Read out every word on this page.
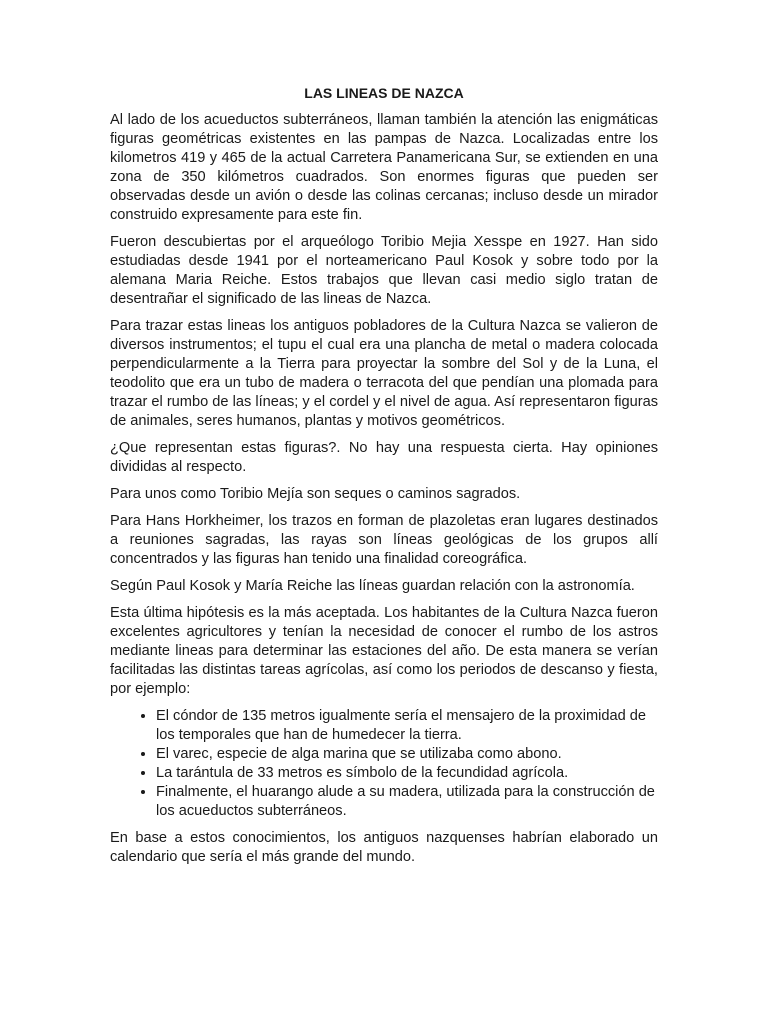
LAS LINEAS DE NAZCA

Al lado de los acueductos subterráneos, llaman también la atención las enigmáticas figuras geométricas existentes en las pampas de Nazca. Localizadas entre los kilometros 419 y 465 de la actual Carretera Panamericana Sur, se extienden en una zona de 350 kilómetros cuadrados. Son enormes figuras que pueden ser observadas desde un avión o desde las colinas cercanas; incluso desde un mirador construido expresamente para este fin.

Fueron descubiertas por el arqueólogo Toribio Mejia Xesspe en 1927. Han sido estudiadas desde 1941 por el norteamericano Paul Kosok y sobre todo por la alemana Maria Reiche. Estos trabajos que llevan casi medio siglo tratan de desentrañar el significado de las lineas de Nazca.

Para trazar estas lineas los antiguos pobladores de la Cultura Nazca se valieron de diversos instrumentos; el tupu el cual era una plancha de metal o madera colocada perpendicularmente a la Tierra para proyectar la sombre del Sol y de la Luna, el teodolito que era un tubo de madera o terracota del que pendían una plomada para trazar el rumbo de las líneas; y el cordel y el nivel de agua. Así representaron figuras de animales, seres humanos, plantas y motivos geométricos.

¿Que representan estas figuras?. No hay una respuesta cierta. Hay opiniones divididas al respecto.

Para unos como Toribio Mejía son seques o caminos sagrados.

Para Hans Horkheimer, los trazos en forman de plazoletas eran lugares destinados a reuniones sagradas, las rayas son líneas geológicas de los grupos allí concentrados y las figuras han tenido una finalidad coreográfica.

Según Paul Kosok y María Reiche las líneas guardan relación con la astronomía.

Esta última hipótesis es la más aceptada. Los habitantes de la Cultura Nazca fueron excelentes agricultores y tenían la necesidad de conocer el rumbo de los astros mediante lineas para determinar las estaciones del año. De esta manera se verían facilitadas las distintas tareas agrícolas, así como los periodos de descanso y fiesta, por ejemplo:

• El cóndor de 135 metros igualmente sería el mensajero de la proximidad de los temporales que han de humedecer la tierra.
• El varec, especie de alga marina que se utilizaba como abono.
• La tarántula de 33 metros es símbolo de la fecundidad agrícola.
• Finalmente, el huarango alude a su madera, utilizada para la construcción de los acueductos subterráneos.

En base a estos conocimientos, los antiguos nazquenses habrían elaborado un calendario que sería el más grande del mundo.
